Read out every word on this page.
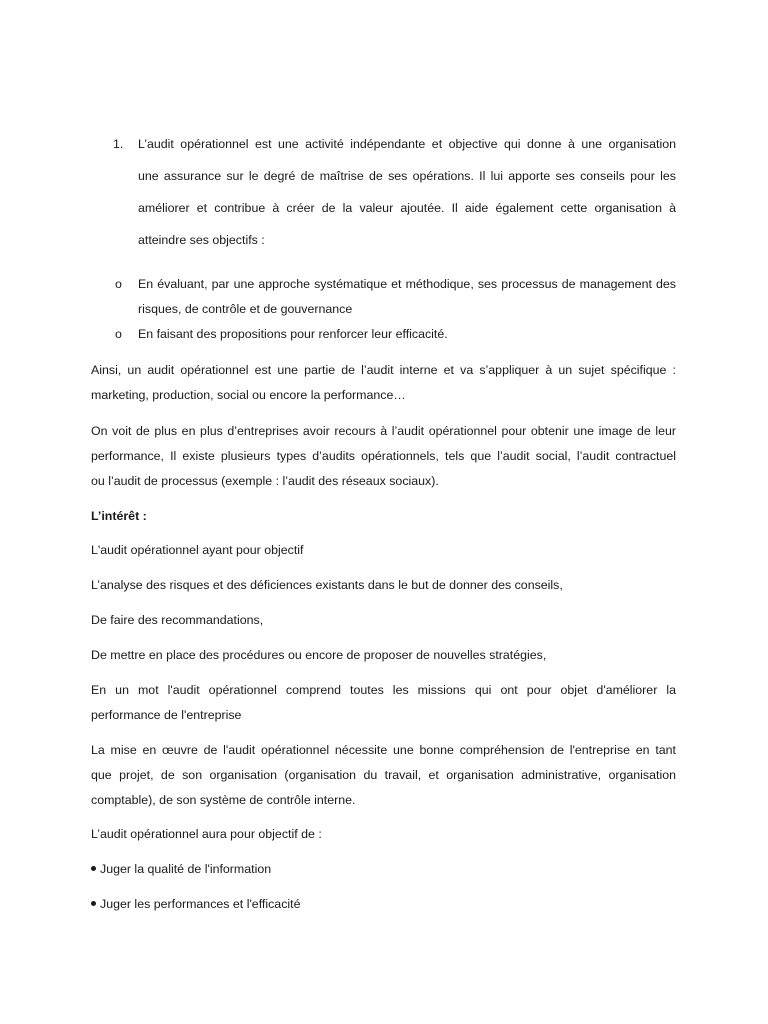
1. L’audit opérationnel est une activité indépendante et objective qui donne à une organisation
une assurance sur le degré de maîtrise de ses opérations. Il lui apporte ses conseils pour les
améliorer et contribue à créer de la valeur ajoutée. Il aide également cette organisation à
atteindre ses objectifs :
o En évaluant, par une approche systématique et méthodique, ses processus de management des
risques, de contrôle et de gouvernance
o En faisant des propositions pour renforcer leur efficacité.
Ainsi, un audit opérationnel est une partie de l’audit interne et va s’appliquer à un sujet spécifique :
marketing, production, social ou encore la performance…
On voit de plus en plus d’entreprises avoir recours à l’audit opérationnel pour obtenir une image de leur
performance, Il existe plusieurs types d’audits opérationnels, tels que l’audit social, l’audit contractuel
ou l’audit de processus (exemple : l’audit des réseaux sociaux).
L’intérêt :
L'audit opérationnel ayant pour objectif
L’analyse des risques et des déficiences existants dans le but de donner des conseils,
De faire des recommandations,
De mettre en place des procédures ou encore de proposer de nouvelles stratégies,
En un mot l'audit opérationnel comprend toutes les missions qui ont pour objet d'améliorer la
performance de l'entreprise
La mise en œuvre de l'audit opérationnel nécessite une bonne compréhension de l'entreprise en tant
que projet, de son organisation (organisation du travail, et organisation administrative, organisation
comptable), de son système de contrôle interne.
L’audit opérationnel aura pour objectif de :
Juger la qualité de l'information
Juger les performances et l'efficacité
